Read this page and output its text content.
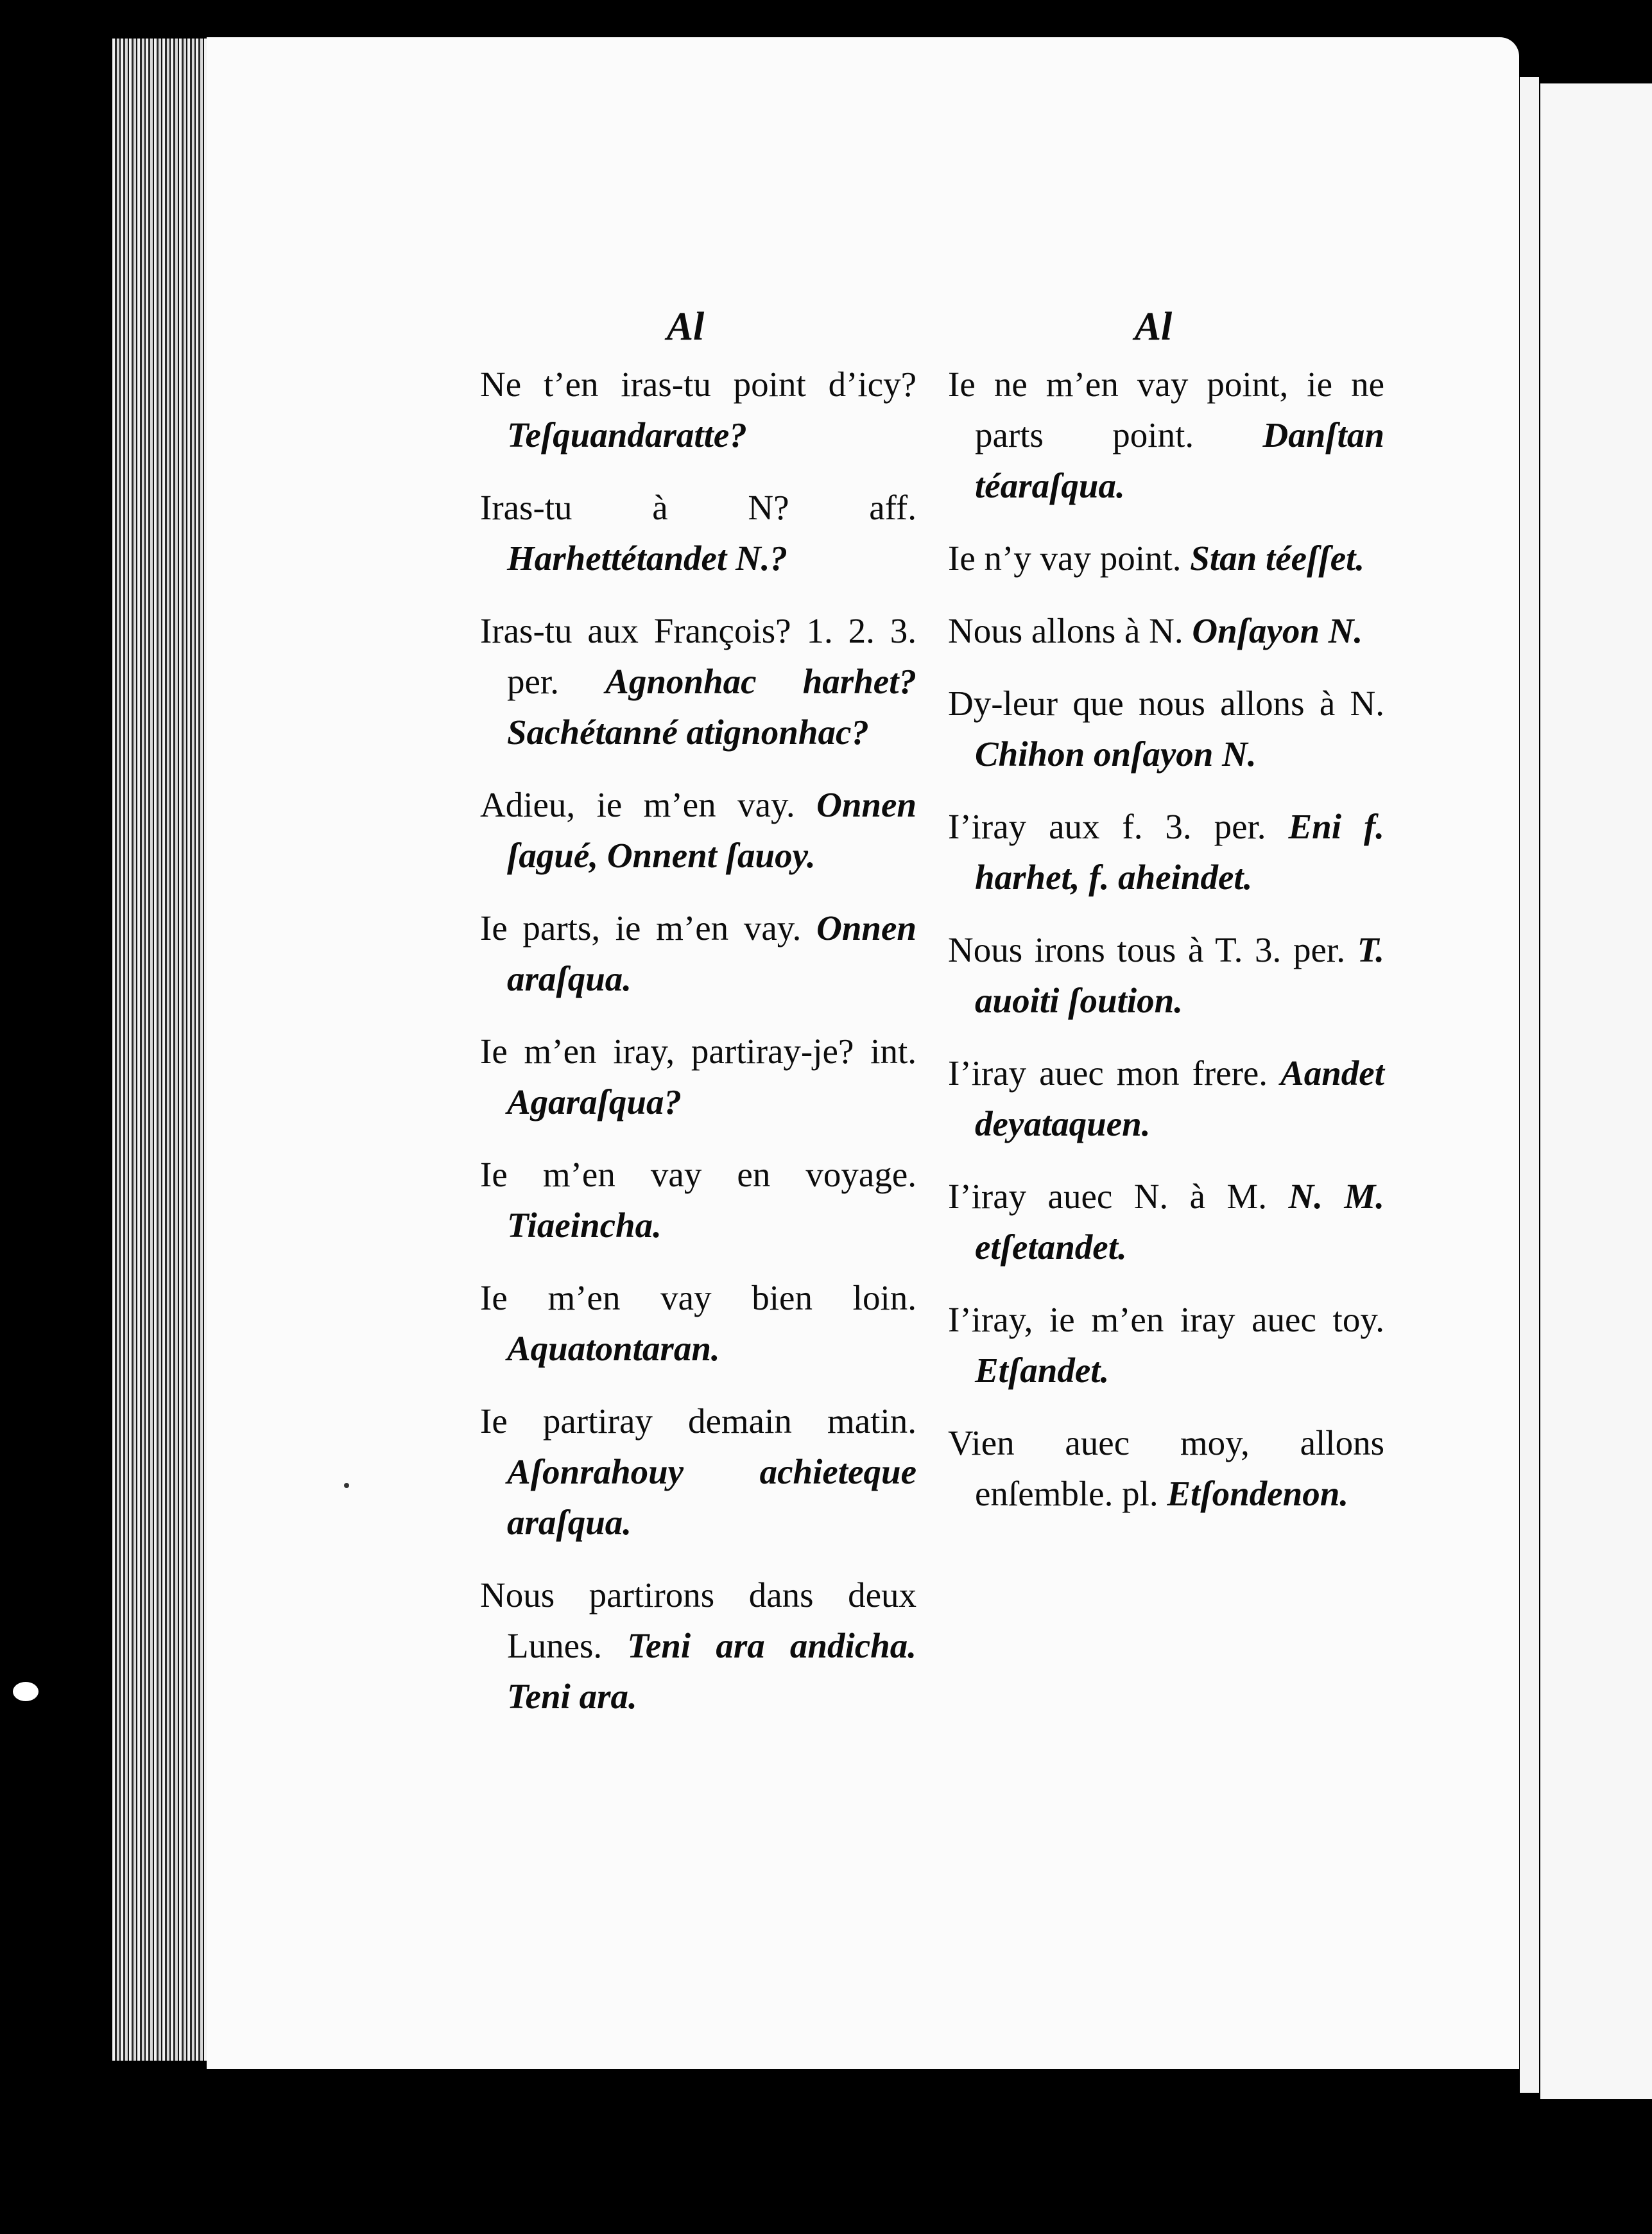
Al
Ne t’en iras-tu point d’icy? Teſquandaratte?
Iras-tu à N? aff. Harhettétandet N.?
Iras-tu aux François? 1. 2. 3. per. Agnonhac harhet? Sachétanné atignonhac?
Adieu, ie m’en vay. Onnen ſagué, Onnent ſauoy.
Ie parts, ie m’en vay. Onnen araſqua.
Ie m’en iray, partiray-je? int. Agaraſqua?
Ie m’en vay en voyage. Tiaeincha.
Ie m’en vay bien loin. Aquatontaran.
Ie partiray demain matin. Aſonrahouy achieteque araſqua.
Nous partirons dans deux Lunes. Teni ara andicha. Teni ara.
Al
Ie ne m’en vay point, ie ne parts point. Danſtan téaraſqua.
Ie n’y vay point. Stan téeſſet.
Nous allons à N. Onſayon N.
Dy-leur que nous allons à N. Chihon onſayon N.
I’iray aux f. 3. per. Eni f. harhet, f. aheindet.
Nous irons tous à T. 3. per. T. auoiti ſoution.
I’iray auec mon frere. Aandet deyataquen.
I’iray auec N. à M. N. M. etſetandet.
I’iray, ie m’en iray auec toy. Etſandet.
Vien auec moy, allons enſemble. pl. Etſondenon.
